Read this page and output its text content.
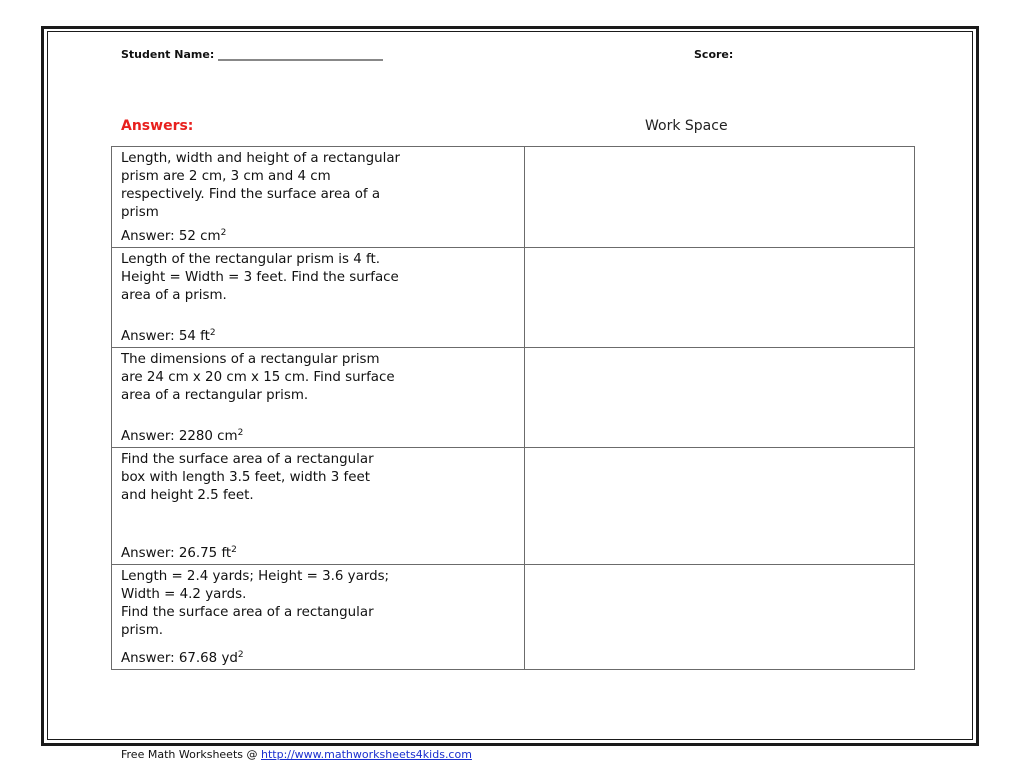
Student Name: ______________________________	Score:
Answers:	Work Space
Length, width and height of a rectangular
prism are 2 cm, 3 cm and 4 cm
respectively. Find the surface area of a
prism
Answer: 52 $cm^2$

Length of the rectangular prism is 4 ft.
Height = Width = 3 feet. Find the surface
area of a prism.
Answer: 54 $ft^2$

The dimensions of a rectangular prism
are 24 cm x 20 cm x 15 cm. Find surface
area of a rectangular prism.
Answer: 2280 $cm^2$

Find the surface area of a rectangular
box with length 3.5 feet, width 3 feet
and height 2.5 feet.
Answer: 26.75 $ft^2$

Length = 2.4 yards; Height = 3.6 yards;
Width = 4.2 yards.
Find the surface area of a rectangular
prism.
Answer: 67.68 $yd^2$

Free Math Worksheets @ http://www.mathworksheets4kids.com
